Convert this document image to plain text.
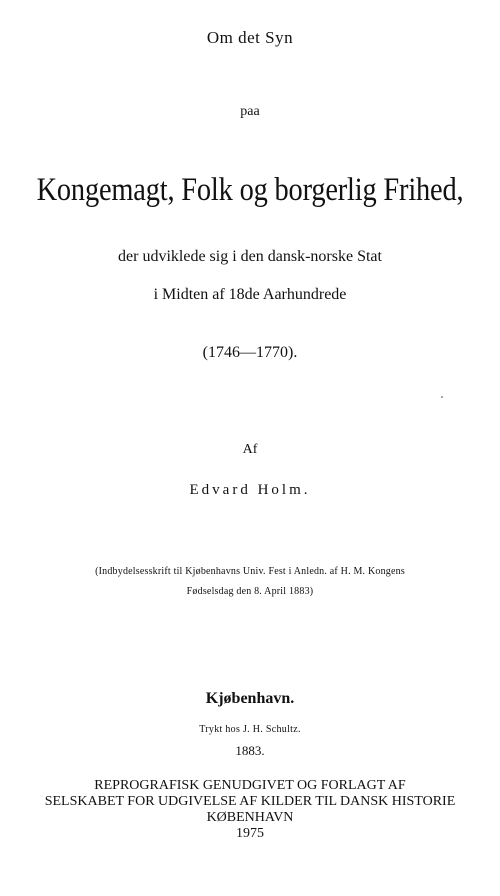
Om det Syn

paa

Kongemagt, Folk og borgerlig Frihed,

der udviklede sig i den dansk-norske Stat

i Midten af 18de Aarhundrede

(1746—1770).

Af

Edvard Holm.

(Indbydelsesskrift til Kjøbenhavns Univ. Fest i Anledn. af H. M. Kongens

Fødselsdag den 8. April 1883)

Kjøbenhavn.

Trykt hos J. H. Schultz.

1883.

REPROGRAFISK GENUDGIVET OG FORLAGT AF

SELSKABET FOR UDGIVELSE AF KILDER TIL DANSK HISTORIE

KØBENHAVN

1975
